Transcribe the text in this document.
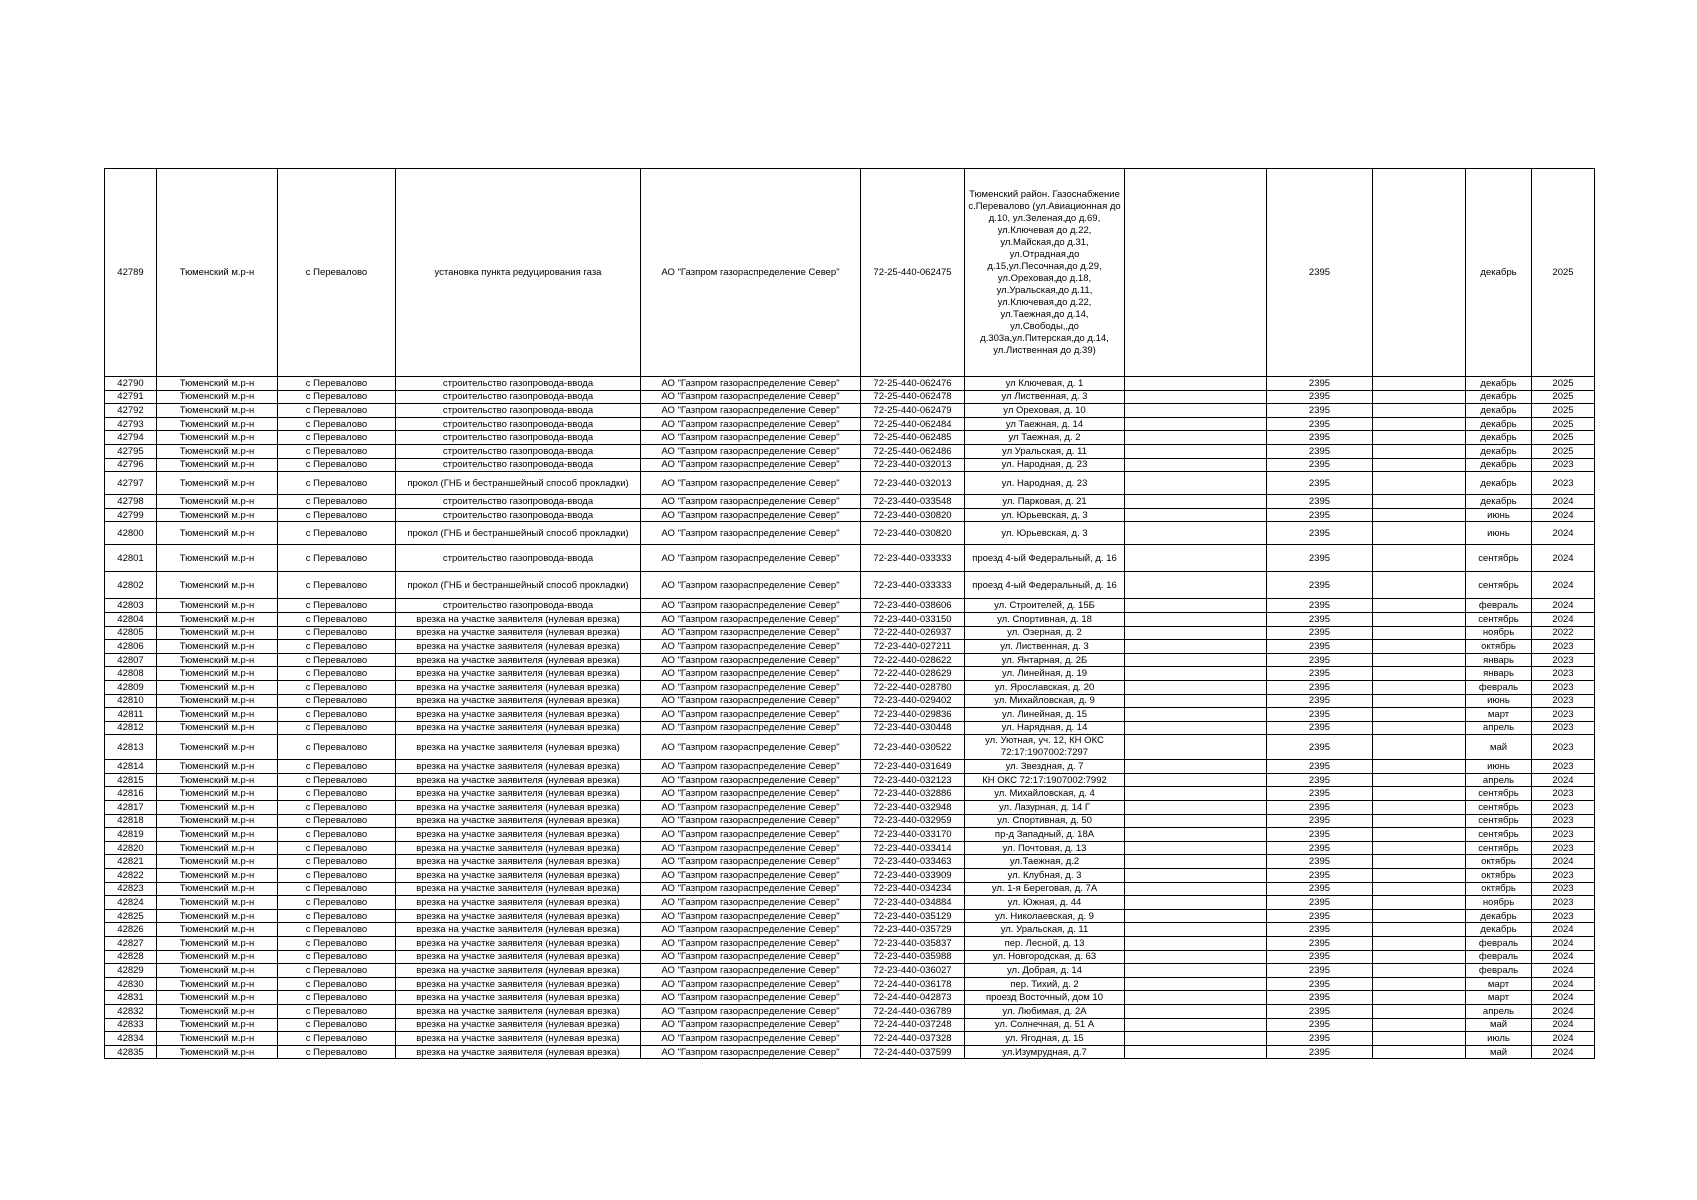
42789	Тюменский м.р-н	с Перевалово	установка пункта редуцирования газа	АО "Газпром газораспределение Север"	72-25-440-062475	Тюменский район. Газоснабжение с.Перевалово (ул.Авиационная до д.10, ул.Зеленая,до д.69, ул.Ключевая до д.22, ул.Майская,до д.31, ул.Отрадная,до д.15,ул.Песочная,до д.29, ул.Ореховая,до д.18, ул.Уральская,до д.11, ул.Ключевая,до д.22, ул.Таежная,до д.14, ул.Свободы,,до д.303а,ул.Питерская,до д.14, ул.Лиственная до д.39)		2395		декабрь	2025
42790	Тюменский м.р-н	с Перевалово	строительство газопровода-ввода	АО "Газпром газораспределение Север"	72-25-440-062476	ул Ключевая, д. 1		2395		декабрь	2025
42791	Тюменский м.р-н	с Перевалово	строительство газопровода-ввода	АО "Газпром газораспределение Север"	72-25-440-062478	ул Лиственная, д. 3		2395		декабрь	2025
42792	Тюменский м.р-н	с Перевалово	строительство газопровода-ввода	АО "Газпром газораспределение Север"	72-25-440-062479	ул Ореховая, д. 10		2395		декабрь	2025
42793	Тюменский м.р-н	с Перевалово	строительство газопровода-ввода	АО "Газпром газораспределение Север"	72-25-440-062484	ул Таежная, д. 14		2395		декабрь	2025
42794	Тюменский м.р-н	с Перевалово	строительство газопровода-ввода	АО "Газпром газораспределение Север"	72-25-440-062485	ул Таежная, д. 2		2395		декабрь	2025
42795	Тюменский м.р-н	с Перевалово	строительство газопровода-ввода	АО "Газпром газораспределение Север"	72-25-440-062486	ул Уральская, д. 11		2395		декабрь	2025
42796	Тюменский м.р-н	с Перевалово	строительство газопровода-ввода	АО "Газпром газораспределение Север"	72-23-440-032013	ул. Народная, д. 23		2395		декабрь	2023
42797	Тюменский м.р-н	с Перевалово	прокол (ГНБ и бестраншейный способ прокладки)	АО "Газпром газораспределение Север"	72-23-440-032013	ул. Народная, д. 23		2395		декабрь	2023
42798	Тюменский м.р-н	с Перевалово	строительство газопровода-ввода	АО "Газпром газораспределение Север"	72-23-440-033548	ул. Парковая, д. 21		2395		декабрь	2024
42799	Тюменский м.р-н	с Перевалово	строительство газопровода-ввода	АО "Газпром газораспределение Север"	72-23-440-030820	ул. Юрьевская, д. 3		2395		июнь	2024
42800	Тюменский м.р-н	с Перевалово	прокол (ГНБ и бестраншейный способ прокладки)	АО "Газпром газораспределение Север"	72-23-440-030820	ул. Юрьевская, д. 3		2395		июнь	2024
42801	Тюменский м.р-н	с Перевалово	строительство газопровода-ввода	АО "Газпром газораспределение Север"	72-23-440-033333	проезд 4-ый Федеральный, д. 16		2395		сентябрь	2024
42802	Тюменский м.р-н	с Перевалово	прокол (ГНБ и бестраншейный способ прокладки)	АО "Газпром газораспределение Север"	72-23-440-033333	проезд 4-ый Федеральный, д. 16		2395		сентябрь	2024
42803	Тюменский м.р-н	с Перевалово	строительство газопровода-ввода	АО "Газпром газораспределение Север"	72-23-440-038606	ул. Строителей, д. 15Б		2395		февраль	2024
42804	Тюменский м.р-н	с Перевалово	врезка на участке заявителя (нулевая врезка)	АО "Газпром газораспределение Север"	72-23-440-033150	ул. Спортивная, д. 18		2395		сентябрь	2024
42805	Тюменский м.р-н	с Перевалово	врезка на участке заявителя (нулевая врезка)	АО "Газпром газораспределение Север"	72-22-440-026937	ул. Озерная, д. 2		2395		ноябрь	2022
42806	Тюменский м.р-н	с Перевалово	врезка на участке заявителя (нулевая врезка)	АО "Газпром газораспределение Север"	72-23-440-027211	ул. Лиственная, д. 3		2395		октябрь	2023
42807	Тюменский м.р-н	с Перевалово	врезка на участке заявителя (нулевая врезка)	АО "Газпром газораспределение Север"	72-22-440-028622	ул. Янтарная, д. 2Б		2395		январь	2023
42808	Тюменский м.р-н	с Перевалово	врезка на участке заявителя (нулевая врезка)	АО "Газпром газораспределение Север"	72-22-440-028629	ул. Линейная, д. 19		2395		январь	2023
42809	Тюменский м.р-н	с Перевалово	врезка на участке заявителя (нулевая врезка)	АО "Газпром газораспределение Север"	72-22-440-028780	ул. Ярославская, д. 20		2395		февраль	2023
42810	Тюменский м.р-н	с Перевалово	врезка на участке заявителя (нулевая врезка)	АО "Газпром газораспределение Север"	72-23-440-029402	ул. Михайловская, д. 9		2395		июнь	2023
42811	Тюменский м.р-н	с Перевалово	врезка на участке заявителя (нулевая врезка)	АО "Газпром газораспределение Север"	72-23-440-029836	ул. Линейная, д. 15		2395		март	2023
42812	Тюменский м.р-н	с Перевалово	врезка на участке заявителя (нулевая врезка)	АО "Газпром газораспределение Север"	72-23-440-030448	ул. Нарядная, д. 14		2395		апрель	2023
42813	Тюменский м.р-н	с Перевалово	врезка на участке заявителя (нулевая врезка)	АО "Газпром газораспределение Север"	72-23-440-030522	ул. Уютная, уч. 12, КН ОКС 72:17:1907002:7297		2395		май	2023
42814	Тюменский м.р-н	с Перевалово	врезка на участке заявителя (нулевая врезка)	АО "Газпром газораспределение Север"	72-23-440-031649	ул. Звездная, д. 7		2395		июнь	2023
42815	Тюменский м.р-н	с Перевалово	врезка на участке заявителя (нулевая врезка)	АО "Газпром газораспределение Север"	72-23-440-032123	КН ОКС 72:17:1907002:7992		2395		апрель	2024
42816	Тюменский м.р-н	с Перевалово	врезка на участке заявителя (нулевая врезка)	АО "Газпром газораспределение Север"	72-23-440-032886	ул. Михайловская, д. 4		2395		сентябрь	2023
42817	Тюменский м.р-н	с Перевалово	врезка на участке заявителя (нулевая врезка)	АО "Газпром газораспределение Север"	72-23-440-032948	ул. Лазурная, д. 14 Г		2395		сентябрь	2023
42818	Тюменский м.р-н	с Перевалово	врезка на участке заявителя (нулевая врезка)	АО "Газпром газораспределение Север"	72-23-440-032959	ул. Спортивная, д. 50		2395		сентябрь	2023
42819	Тюменский м.р-н	с Перевалово	врезка на участке заявителя (нулевая врезка)	АО "Газпром газораспределение Север"	72-23-440-033170	пр-д Западный, д. 18А		2395		сентябрь	2023
42820	Тюменский м.р-н	с Перевалово	врезка на участке заявителя (нулевая врезка)	АО "Газпром газораспределение Север"	72-23-440-033414	ул. Почтовая, д. 13		2395		сентябрь	2023
42821	Тюменский м.р-н	с Перевалово	врезка на участке заявителя (нулевая врезка)	АО "Газпром газораспределение Север"	72-23-440-033463	ул.Таежная, д.2		2395		октябрь	2024
42822	Тюменский м.р-н	с Перевалово	врезка на участке заявителя (нулевая врезка)	АО "Газпром газораспределение Север"	72-23-440-033909	ул. Клубная, д. 3		2395		октябрь	2023
42823	Тюменский м.р-н	с Перевалово	врезка на участке заявителя (нулевая врезка)	АО "Газпром газораспределение Север"	72-23-440-034234	ул. 1-я Береговая, д. 7А		2395		октябрь	2023
42824	Тюменский м.р-н	с Перевалово	врезка на участке заявителя (нулевая врезка)	АО "Газпром газораспределение Север"	72-23-440-034884	ул. Южная, д. 44		2395		ноябрь	2023
42825	Тюменский м.р-н	с Перевалово	врезка на участке заявителя (нулевая врезка)	АО "Газпром газораспределение Север"	72-23-440-035129	ул. Николаевская, д. 9		2395		декабрь	2023
42826	Тюменский м.р-н	с Перевалово	врезка на участке заявителя (нулевая врезка)	АО "Газпром газораспределение Север"	72-23-440-035729	ул. Уральская, д. 11		2395		декабрь	2024
42827	Тюменский м.р-н	с Перевалово	врезка на участке заявителя (нулевая врезка)	АО "Газпром газораспределение Север"	72-23-440-035837	пер. Лесной, д. 13		2395		февраль	2024
42828	Тюменский м.р-н	с Перевалово	врезка на участке заявителя (нулевая врезка)	АО "Газпром газораспределение Север"	72-23-440-035988	ул. Новгородская, д. 63		2395		февраль	2024
42829	Тюменский м.р-н	с Перевалово	врезка на участке заявителя (нулевая врезка)	АО "Газпром газораспределение Север"	72-23-440-036027	ул. Добрая, д. 14		2395		февраль	2024
42830	Тюменский м.р-н	с Перевалово	врезка на участке заявителя (нулевая врезка)	АО "Газпром газораспределение Север"	72-24-440-036178	пер. Тихий, д. 2		2395		март	2024
42831	Тюменский м.р-н	с Перевалово	врезка на участке заявителя (нулевая врезка)	АО "Газпром газораспределение Север"	72-24-440-042873	проезд Восточный, дом 10		2395		март	2024
42832	Тюменский м.р-н	с Перевалово	врезка на участке заявителя (нулевая врезка)	АО "Газпром газораспределение Север"	72-24-440-036789	ул. Любимая, д. 2А		2395		апрель	2024
42833	Тюменский м.р-н	с Перевалово	врезка на участке заявителя (нулевая врезка)	АО "Газпром газораспределение Север"	72-24-440-037248	ул. Солнечная, д. 51 А		2395		май	2024
42834	Тюменский м.р-н	с Перевалово	врезка на участке заявителя (нулевая врезка)	АО "Газпром газораспределение Север"	72-24-440-037328	ул. Ягодная, д. 15		2395		июль	2024
42835	Тюменский м.р-н	с Перевалово	врезка на участке заявителя (нулевая врезка)	АО "Газпром газораспределение Север"	72-24-440-037599	ул.Изумрудная, д.7		2395		май	2024
